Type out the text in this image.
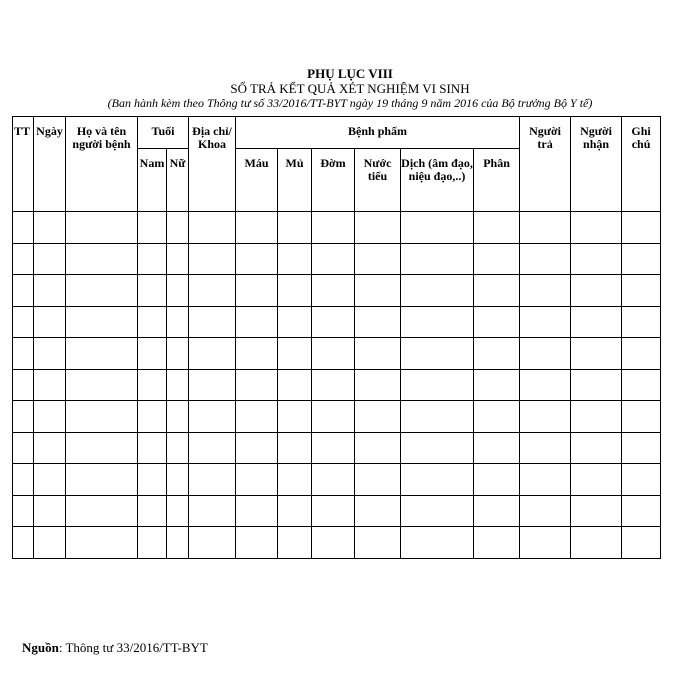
PHỤ LỤC VIII
SỔ TRẢ KẾT QUẢ XÉT NGHIỆM VI SINH
(Ban hành kèm theo Thông tư số 33/2016/TT-BYT ngày 19 tháng 9 năm 2016 của Bộ trưởng Bộ Y tế)
TT	Ngày	Họ và tên người bệnh	Tuổi		Địa chỉ/ Khoa	Bệnh phẩm						Người trả	Người nhận	Ghi chú

			Nam	Nữ		Máu	Mủ	Đờm	Nước tiểu	Dịch (âm đạo, niệu đạo,..)	Phân			

Nguồn: Thông tư 33/2016/TT-BYT
